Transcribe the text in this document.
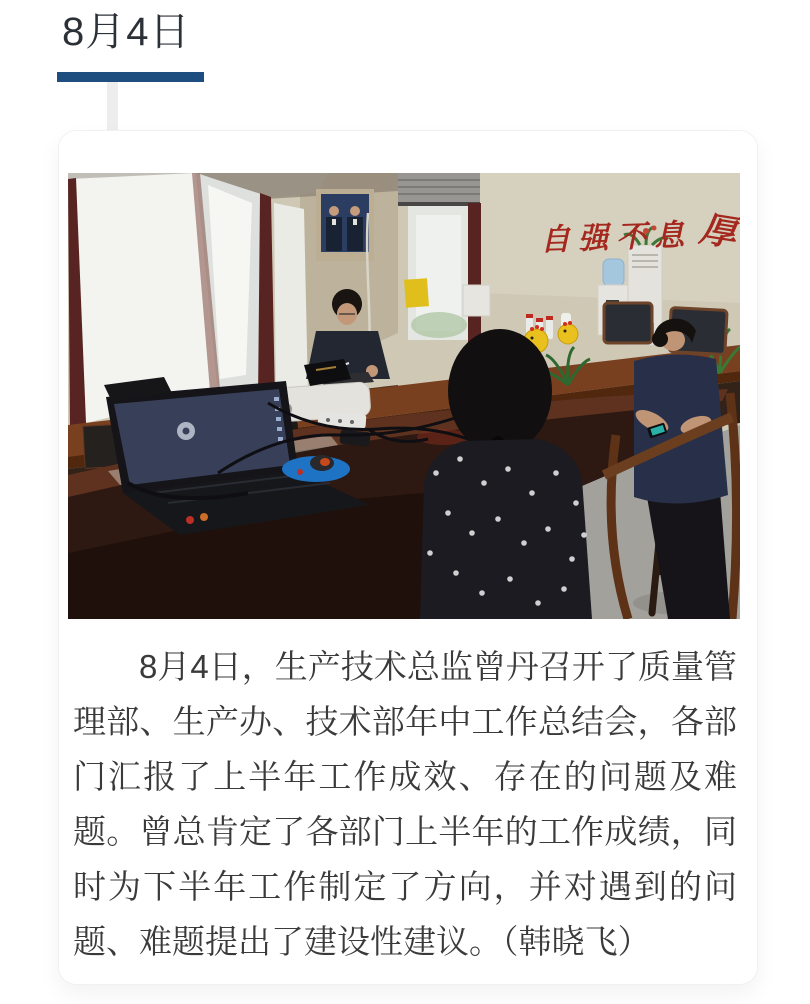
8月4日
自强不息 厚
8月4日，生产技术总监曾丹召开了质量管
理部、生产办、技术部年中工作总结会，各部
门汇报了上半年工作成效、存在的问题及难
题。曾总肯定了各部门上半年的工作成绩，同
时为下半年工作制定了方向，并对遇到的问
题、难题提出了建设性建议。（韩晓飞）
